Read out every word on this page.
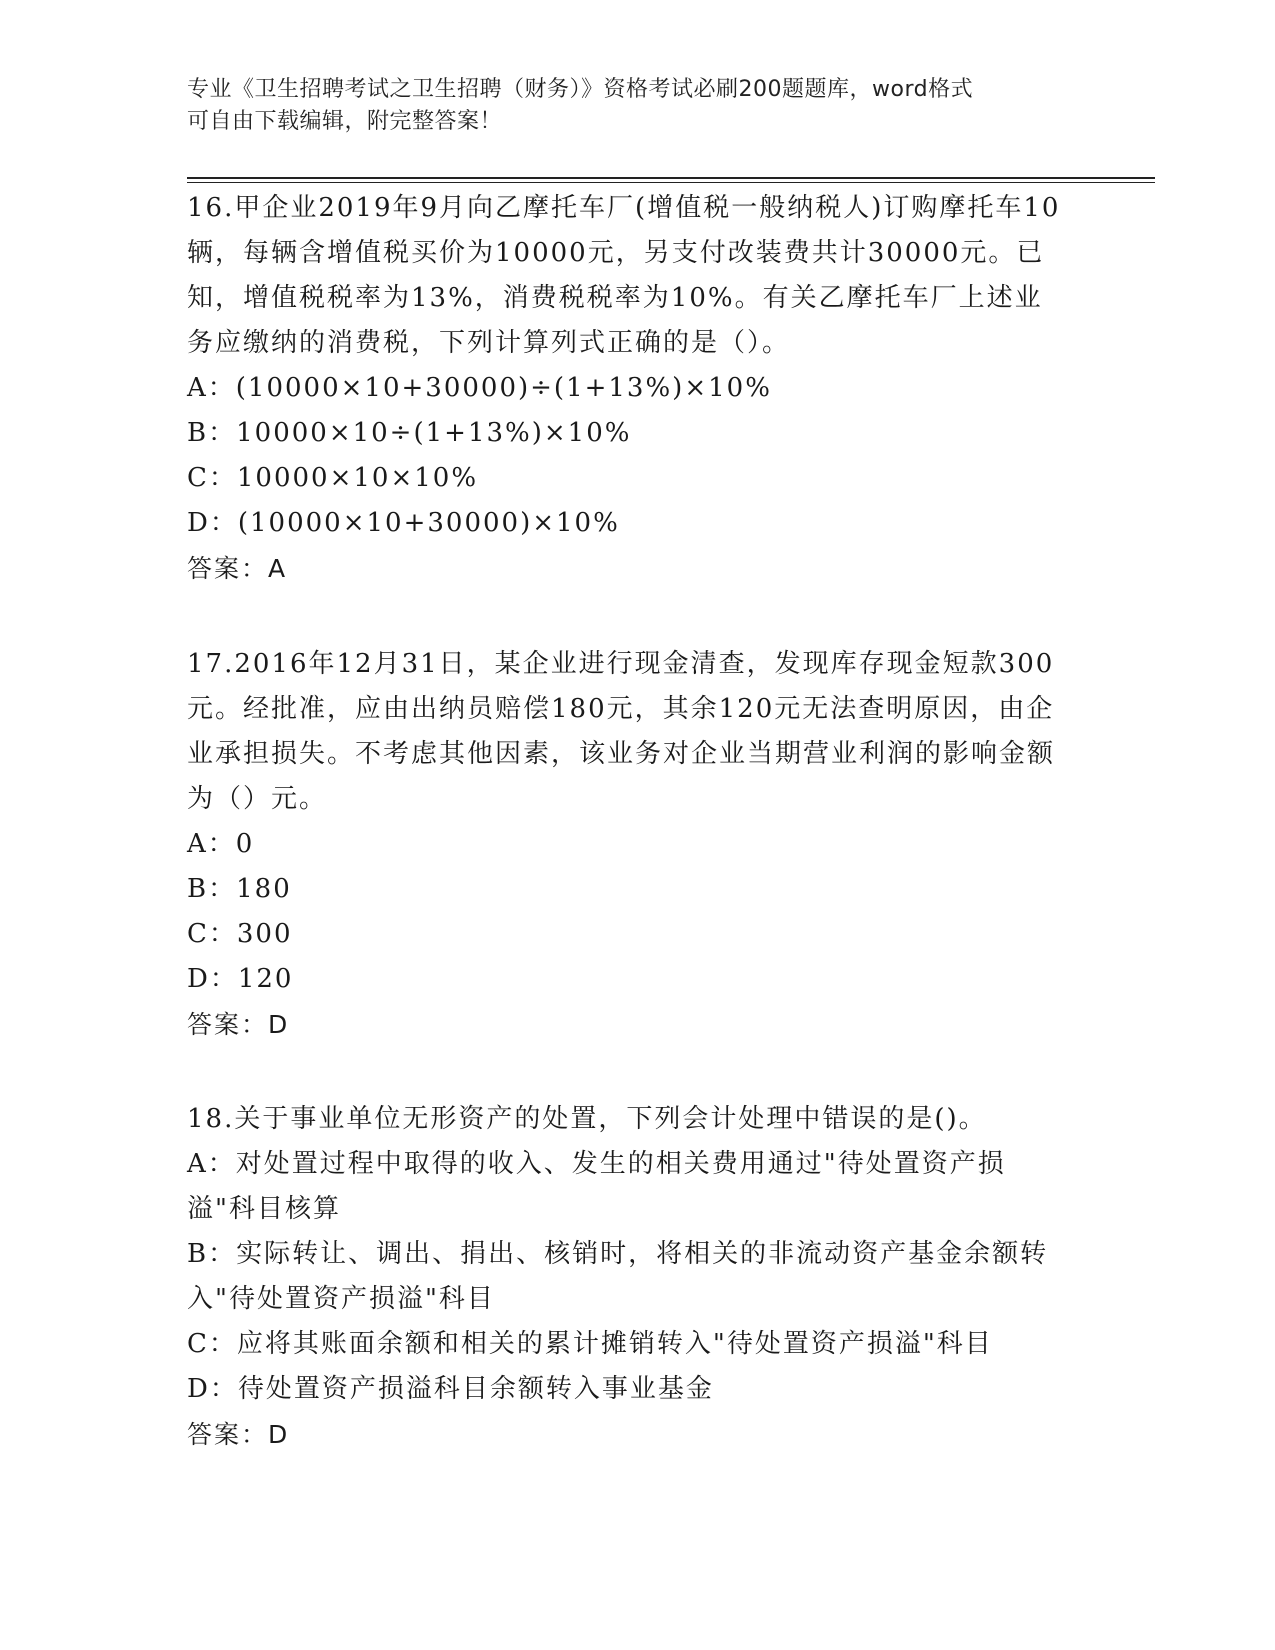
专业《卫生招聘考试之卫生招聘（财务）》资格考试必刷200题题库，word格式
可自由下载编辑，附完整答案！

16.甲企业2019年9月向乙摩托车厂(增值税一般纳税人)订购摩托车10辆，每辆含增值税买价为10000元，另支付改装费共计30000元。已知，增值税税率为13%，消费税税率为10%。有关乙摩托车厂上述业务应缴纳的消费税，下列计算列式正确的是（）。

A：(10000×10+30000)÷(1+13%)×10%

B：10000×10÷(1+13%)×10%

C：10000×10×10%

D：(10000×10+30000)×10%

答案：A

17.2016年12月31日，某企业进行现金清查，发现库存现金短款300元。经批准，应由出纳员赔偿180元，其余120元无法查明原因，由企业承担损失。不考虑其他因素，该业务对企业当期营业利润的影响金额为（）元。

A：0

B：180

C：300

D：120

答案：D

18.关于事业单位无形资产的处置，下列会计处理中错误的是()。

A：对处置过程中取得的收入、发生的相关费用通过"待处置资产损溢"科目核算

B：实际转让、调出、捐出、核销时，将相关的非流动资产基金余额转入"待处置资产损溢"科目

C：应将其账面余额和相关的累计摊销转入"待处置资产损溢"科目

D：待处置资产损溢科目余额转入事业基金

答案：D
